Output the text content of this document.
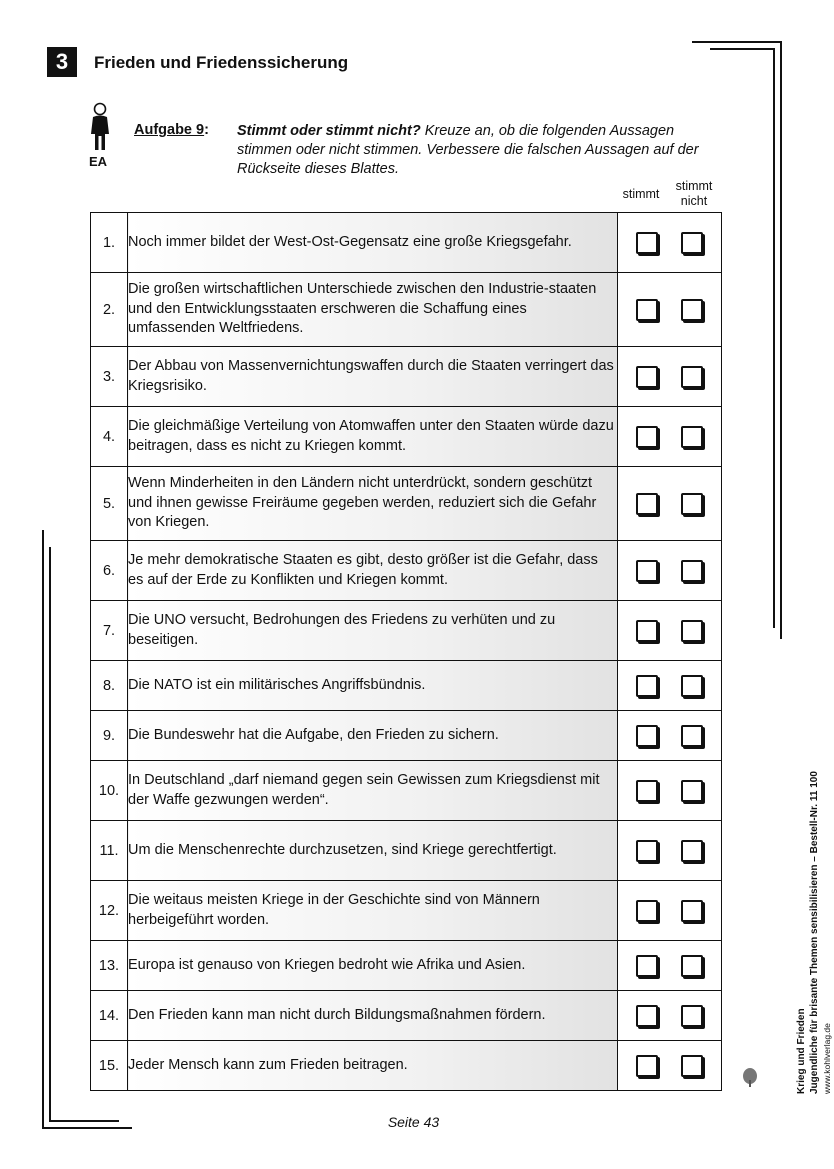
3	Frieden und Friedenssicherung
EA
Aufgabe 9: Stimmt oder stimmt nicht? Kreuze an, ob die folgenden Aussagen stimmen oder nicht stimmen. Verbessere die falschen Aussagen auf der Rückseite dieses Blattes.
stimmt
stimmt
nicht
1.	Noch immer bildet der West-Ost-Gegensatz eine große Kriegsgefahr.	

2.	Die großen wirtschaftlichen Unterschiede zwischen den Industrie-staaten und den Entwicklungsstaaten erschweren die Schaffung eines umfassenden Weltfriedens.	

3.	Der Abbau von Massenvernichtungswaffen durch die Staaten verringert das Kriegsrisiko.	

4.	Die gleichmäßige Verteilung von Atomwaffen unter den Staaten würde dazu beitragen, dass es nicht zu Kriegen kommt.	

5.	Wenn Minderheiten in den Ländern nicht unterdrückt, sondern geschützt und ihnen gewisse Freiräume gegeben werden, reduziert sich die Gefahr von Kriegen.	

6.	Je mehr demokratische Staaten es gibt, desto größer ist die Gefahr, dass es auf der Erde zu Konflikten und Kriegen kommt.	

7.	Die UNO versucht, Bedrohungen des Friedens zu verhüten und zu beseitigen.	

8.	Die NATO ist ein militärisches Angriffsbündnis.	

9.	Die Bundeswehr hat die Aufgabe, den Frieden zu sichern.	

10.	In Deutschland „darf niemand gegen sein Gewissen zum Kriegsdienst mit der Waffe gezwungen werden“.	

11.	Um die Menschenrechte durchzusetzen, sind Kriege gerechtfertigt.	

12.	Die weitaus meisten Kriege in der Geschichte sind von Männern herbeigeführt worden.	

13.	Europa ist genauso von Kriegen bedroht wie Afrika und Asien.	

14.	Den Frieden kann man nicht durch Bildungsmaßnahmen fördern.	

15.	Jeder Mensch kann zum Frieden beitragen.	
Seite 43
Krieg und Frieden Jugendliche für brisante Themen sensibilisieren – Bestell-Nr. 11 100 www.kohlverlag.de
